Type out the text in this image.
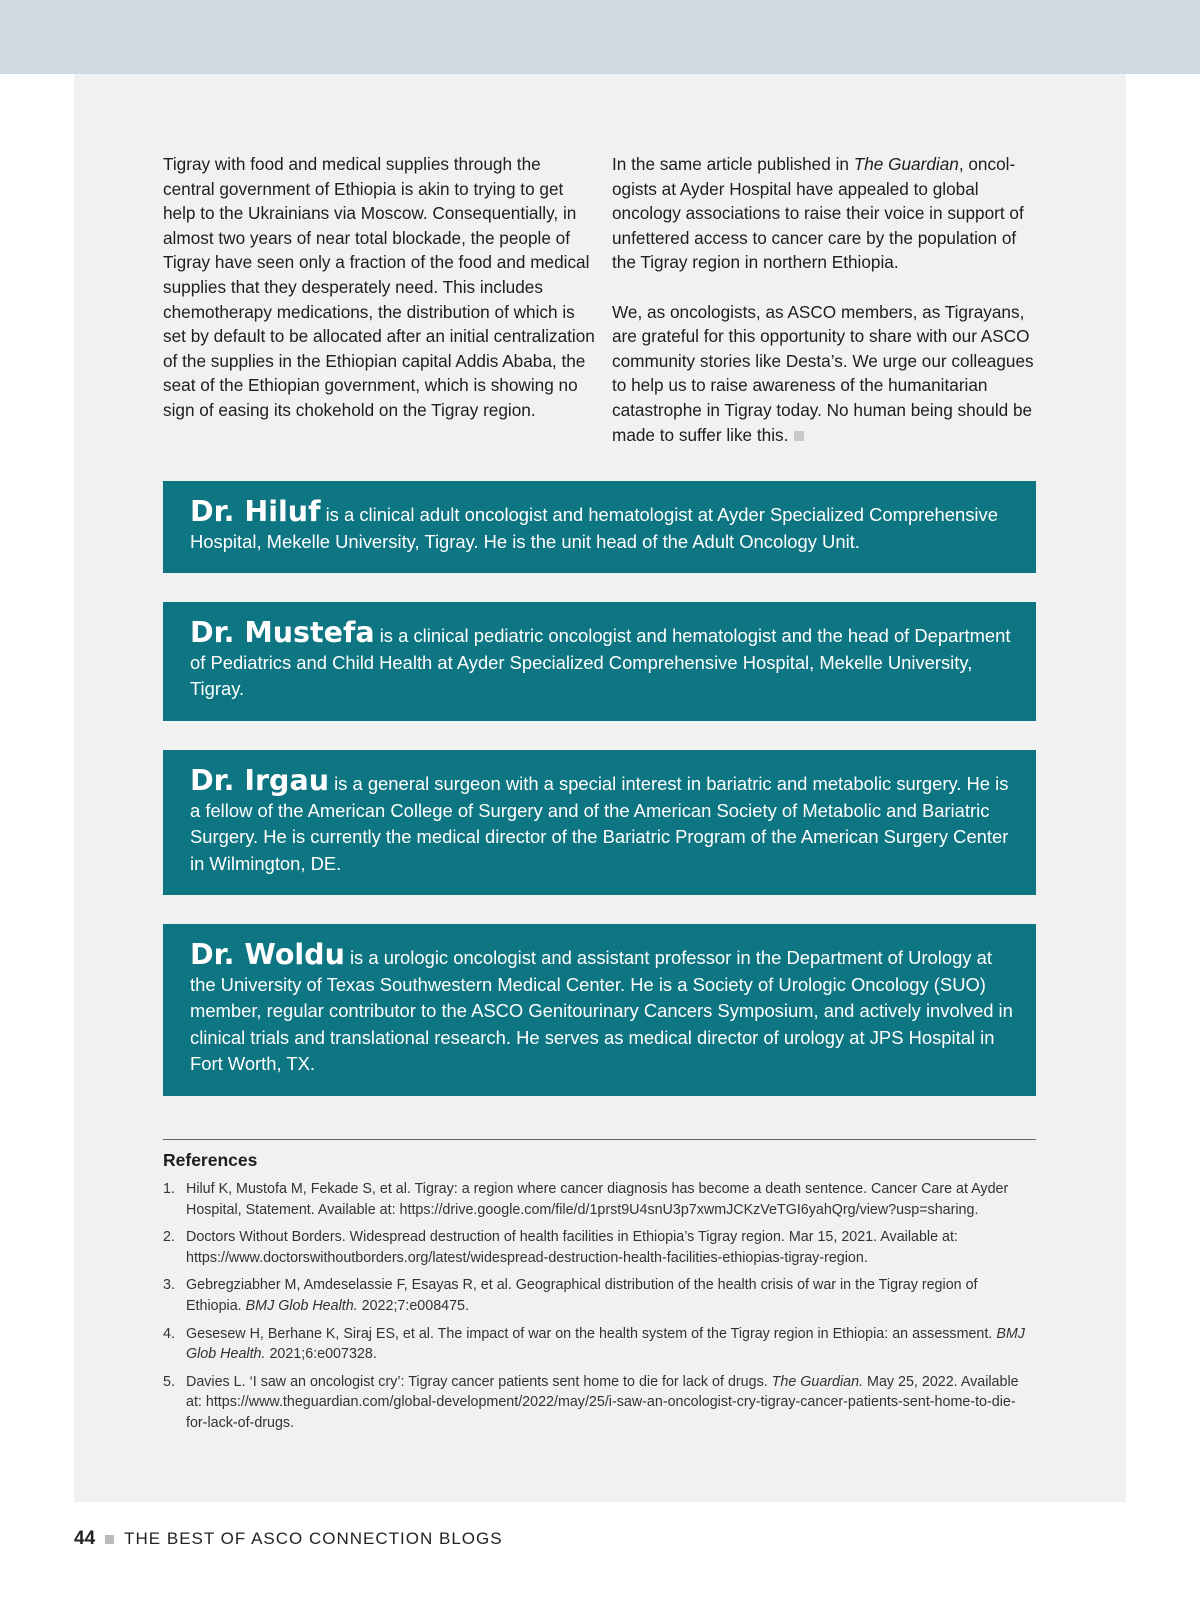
Tigray with food and medical supplies through the central government of Ethiopia is akin to trying to get help to the Ukrainians via Moscow. Consequentially, in almost two years of near total blockade, the people of Tigray have seen only a fraction of the food and medical supplies that they desperately need. This includes chemotherapy medications, the distribution of which is set by default to be allocated after an initial centralization of the supplies in the Ethiopian capital Addis Ababa, the seat of the Ethiopian government, which is showing no sign of easing its chokehold on the Tigray region.

In the same article published in The Guardian, oncologists at Ayder Hospital have appealed to global oncology associations to raise their voice in support of unfettered access to cancer care by the population of the Tigray region in northern Ethiopia.

We, as oncologists, as ASCO members, as Tigrayans, are grateful for this opportunity to share with our ASCO community stories like Desta’s. We urge our colleagues to help us to raise awareness of the humanitarian catastrophe in Tigray today. No human being should be made to suffer like this.

Dr. Hiluf is a clinical adult oncologist and hematologist at Ayder Specialized Comprehensive Hospital, Mekelle University, Tigray. He is the unit head of the Adult Oncology Unit.
Dr. Mustefa is a clinical pediatric oncologist and hematologist and the head of Department of Pediatrics and Child Health at Ayder Specialized Comprehensive Hospital, Mekelle University, Tigray.
Dr. Irgau is a general surgeon with a special interest in bariatric and metabolic surgery. He is a fellow of the American College of Surgery and of the American Society of Metabolic and Bariatric Surgery. He is currently the medical director of the Bariatric Program of the American Surgery Center in Wilmington, DE.
Dr. Woldu is a urologic oncologist and assistant professor in the Department of Urology at the University of Texas Southwestern Medical Center. He is a Society of Urologic Oncology (SUO) member, regular contributor to the ASCO Genitourinary Cancers Symposium, and actively involved in clinical trials and translational research. He serves as medical director of urology at JPS Hospital in Fort Worth, TX.
References
1. Hiluf K, Mustofa M, Fekade S, et al. Tigray: a region where cancer diagnosis has become a death sentence. Cancer Care at Ayder Hospital, Statement. Available at: https://drive.google.com/file/d/1prst9U4snU3p7xwmJCKzVeTGI6yahQrg/view?usp=sharing.
2. Doctors Without Borders. Widespread destruction of health facilities in Ethiopia’s Tigray region. Mar 15, 2021. Available at: https://www.doctorswithoutborders.org/latest/widespread-destruction-health-facilities-ethiopias-tigray-region.
3. Gebregziabher M, Amdeselassie F, Esayas R, et al. Geographical distribution of the health crisis of war in the Tigray region of Ethiopia. BMJ Glob Health. 2022;7:e008475.
4. Gesesew H, Berhane K, Siraj ES, et al. The impact of war on the health system of the Tigray region in Ethiopia: an assessment. BMJ Glob Health. 2021;6:e007328.
5. Davies L. ‘I saw an oncologist cry’: Tigray cancer patients sent home to die for lack of drugs. The Guardian. May 25, 2022. Available at: https://www.theguardian.com/global-development/2022/may/25/i-saw-an-oncologist-cry-tigray-cancer-patients-sent-home-to-die-for-lack-of-drugs.
44 THE BEST OF ASCO CONNECTION BLOGS
